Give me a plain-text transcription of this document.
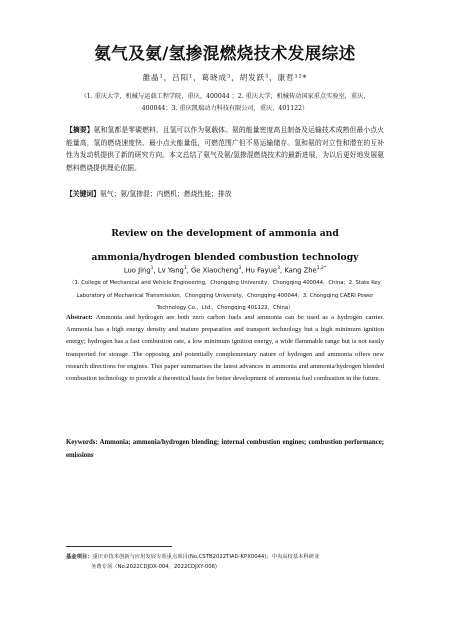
氨气及氨/氢掺混燃烧技术发展综述
雒晶¹，吕阳¹，葛晓成³，胡发跃³，康哲¹²*
（1. 重庆大学，机械与运载工程学院，重庆，400044 ；2. 重庆大学，机械传动国家重点实验室，重庆，400044；3. 重庆凯瑞动力科技有限公司，重庆，401122）
【摘要】氨和氢都是零碳燃料，且氢可以作为氨载体。氨的能量密度高且制备及运输技术成熟但最小点火能量高，氢的燃烧速度快、最小点火能量低，可燃范围广但不易运输储存。氢和氨的对立性和潜在的互补性为发动机提供了新的研究方向。本文总结了氨气及氨/氢掺混燃烧技术的最新进展，为以后更好地发展氨燃料燃烧提供理论依据。
【关键词】氨气；氨/氢掺混；内燃机；燃烧性能；排放
Review on the development of ammonia and ammonia/hydrogen blended combustion technology
Luo Jing$^1$, Lv Yang$^1$, Ge Xiaocheng$^3$, Hu Fayue$^3$, Kang Zhe$^{1,2*}$
（1. College of Mechanical and Vehicle Engineering，Chongqing University，Chongqing 400044，China；2. State Key Laboratory of Mechanical Transmission，Chongqing University，Chongqing 400044；3. Chongqing CAERI Power Technology Co.，Ltd.，Chongqing 401122，China）
Abstract: Ammonia and hydrogen are both zero carbon fuels and ammonia can be used as a hydrogen carrier. Ammonia has a high energy density and mature preparation and transport technology but a high minimum ignition energy; hydrogen has a fast combustion rate, a low minimum ignition energy, a wide flammable range but is not easily transported for storage. The opposing and potentially complementary nature of hydrogen and ammonia offers new research directions for engines. This paper summarises the latest advances in ammonia and ammonia/hydrogen blended combustion technology to provide a theoretical basis for better development of ammonia fuel combustion in the future.
Keywords: Ammonia; ammonia/hydrogen blending; internal combustion engines; combustion performance; emissions
基金项目：重庆市技术创新与应用发展专项重点项目(No.CSTB2022TIAD-KPX0044)；中央高校基本科研业
务费专项（No.2022CDJDX-004、2022CDJXY-006)
